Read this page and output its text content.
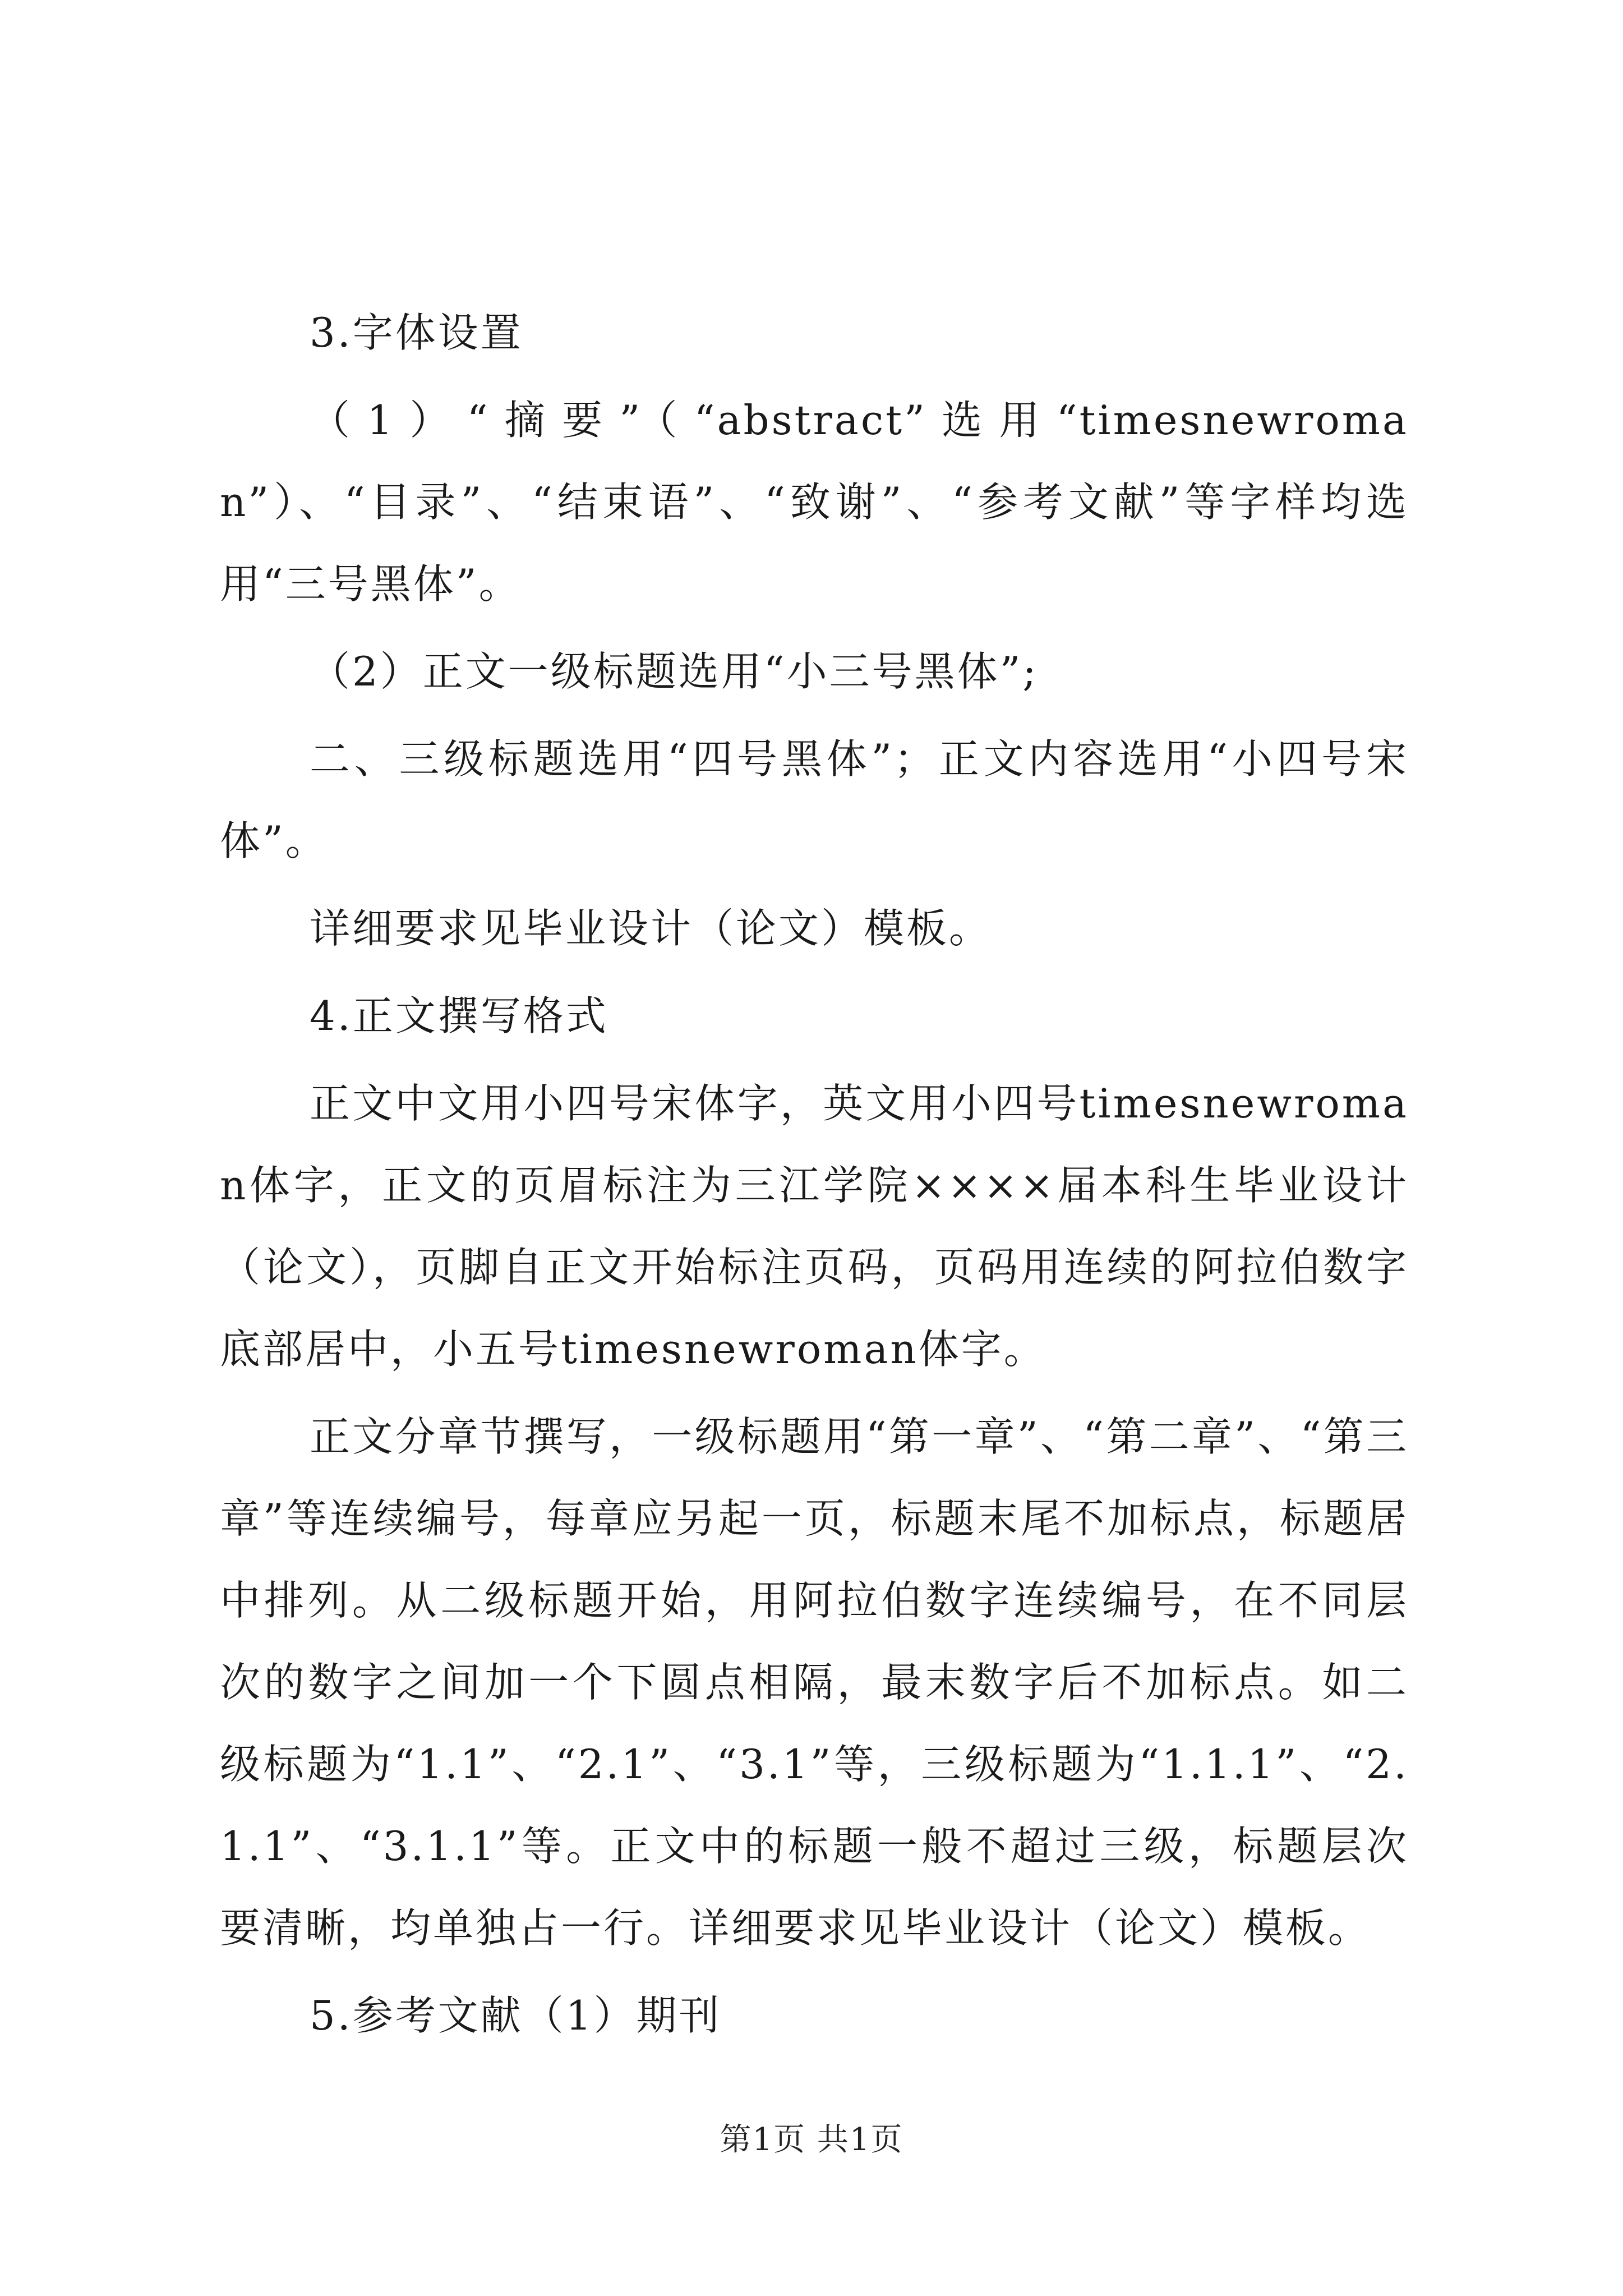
3.字体设置

（1）“摘要”（“abstract”选用“timesnewroman”）、“目录”、“结束语”、“致谢”、“参考文献”等字样均选用“三号黑体”。

（2）正文一级标题选用“小三号黑体”;

二、三级标题选用“四号黑体”；正文内容选用“小四号宋体”。

详细要求见毕业设计（论文）模板。

4.正文撰写格式

正文中文用小四号宋体字，英文用小四号timesnewroman体字，正文的页眉标注为三江学院××××届本科生毕业设计（论文），页脚自正文开始标注页码，页码用连续的阿拉伯数字底部居中，小五号timesnewroman体字。

正文分章节撰写，一级标题用“第一章”、“第二章”、“第三章”等连续编号，每章应另起一页，标题末尾不加标点，标题居中排列。从二级标题开始，用阿拉伯数字连续编号，在不同层次的数字之间加一个下圆点相隔，最末数字后不加标点。如二级标题为“1.1”、“2.1”、“3.1”等，三级标题为“1.1.1”、“2.1.1”、“3.1.1”等。正文中的标题一般不超过三级，标题层次要清晰，均单独占一行。详细要求见毕业设计（论文）模板。

5.参考文献（1）期刊

第1页 共1页
